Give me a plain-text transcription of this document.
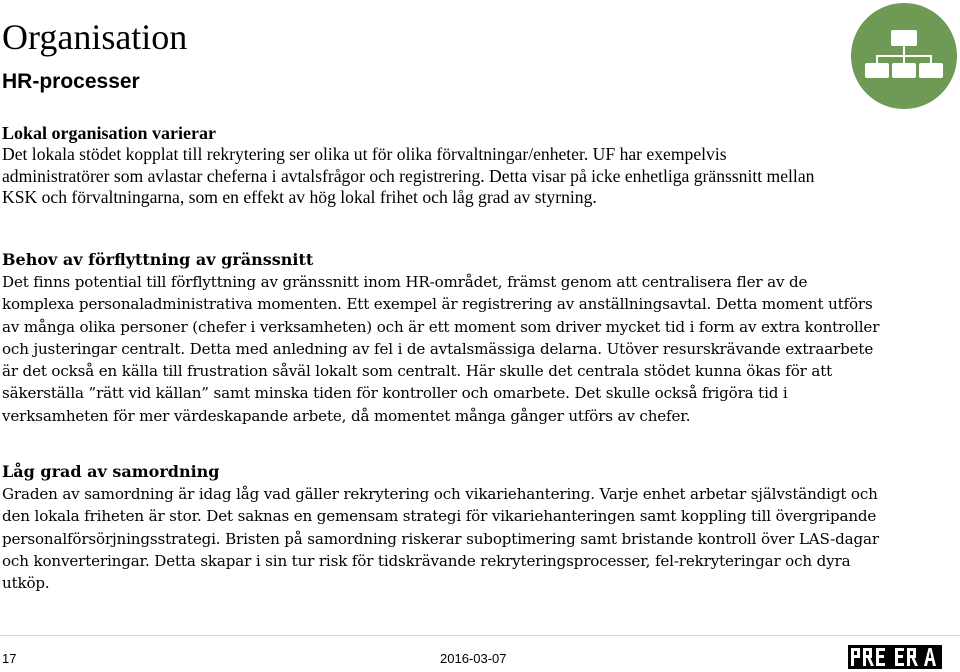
Organisation
HR-processer

Lokal organisation varierar

Det lokala stödet kopplat till rekrytering ser olika ut för olika förvaltningar/enheter. UF har exempelvis
administratörer som avlastar cheferna i avtalsfrågor och registrering. Detta visar på icke enhetliga gränssnitt mellan
KSK och förvaltningarna, som en effekt av hög lokal frihet och låg grad av styrning.

Behov av förflyttning av gränssnitt

Det finns potential till förflyttning av gränssnitt inom HR-området, främst genom att centralisera fler av de
komplexa personaladministrativa momenten. Ett exempel är registrering av anställningsavtal. Detta moment utförs
av många olika personer (chefer i verksamheten) och är ett moment som driver mycket tid i form av extra kontroller
och justeringar centralt. Detta med anledning av fel i de avtalsmässiga delarna. Utöver resurskrävande extraarbete
är det också en källa till frustration såväl lokalt som centralt. Här skulle det centrala stödet kunna ökas för att
säkerställa ”rätt vid källan” samt minska tiden för kontroller och omarbete. Det skulle också frigöra tid i
verksamheten för mer värdeskapande arbete, då momentet många gånger utförs av chefer.

Låg grad av samordning

Graden av samordning är idag låg vad gäller rekrytering och vikariehantering. Varje enhet arbetar självständigt och
den lokala friheten är stor. Det saknas en gemensam strategi för vikariehanteringen samt koppling till övergripande
personalförsörjningsstrategi. Bristen på samordning riskerar suboptimering samt bristande kontroll över LAS-dagar
och konverteringar. Detta skapar i sin tur risk för tidskrävande rekryteringsprocesser, fel-rekryteringar och dyra
utköp.

17	2016-03-07
